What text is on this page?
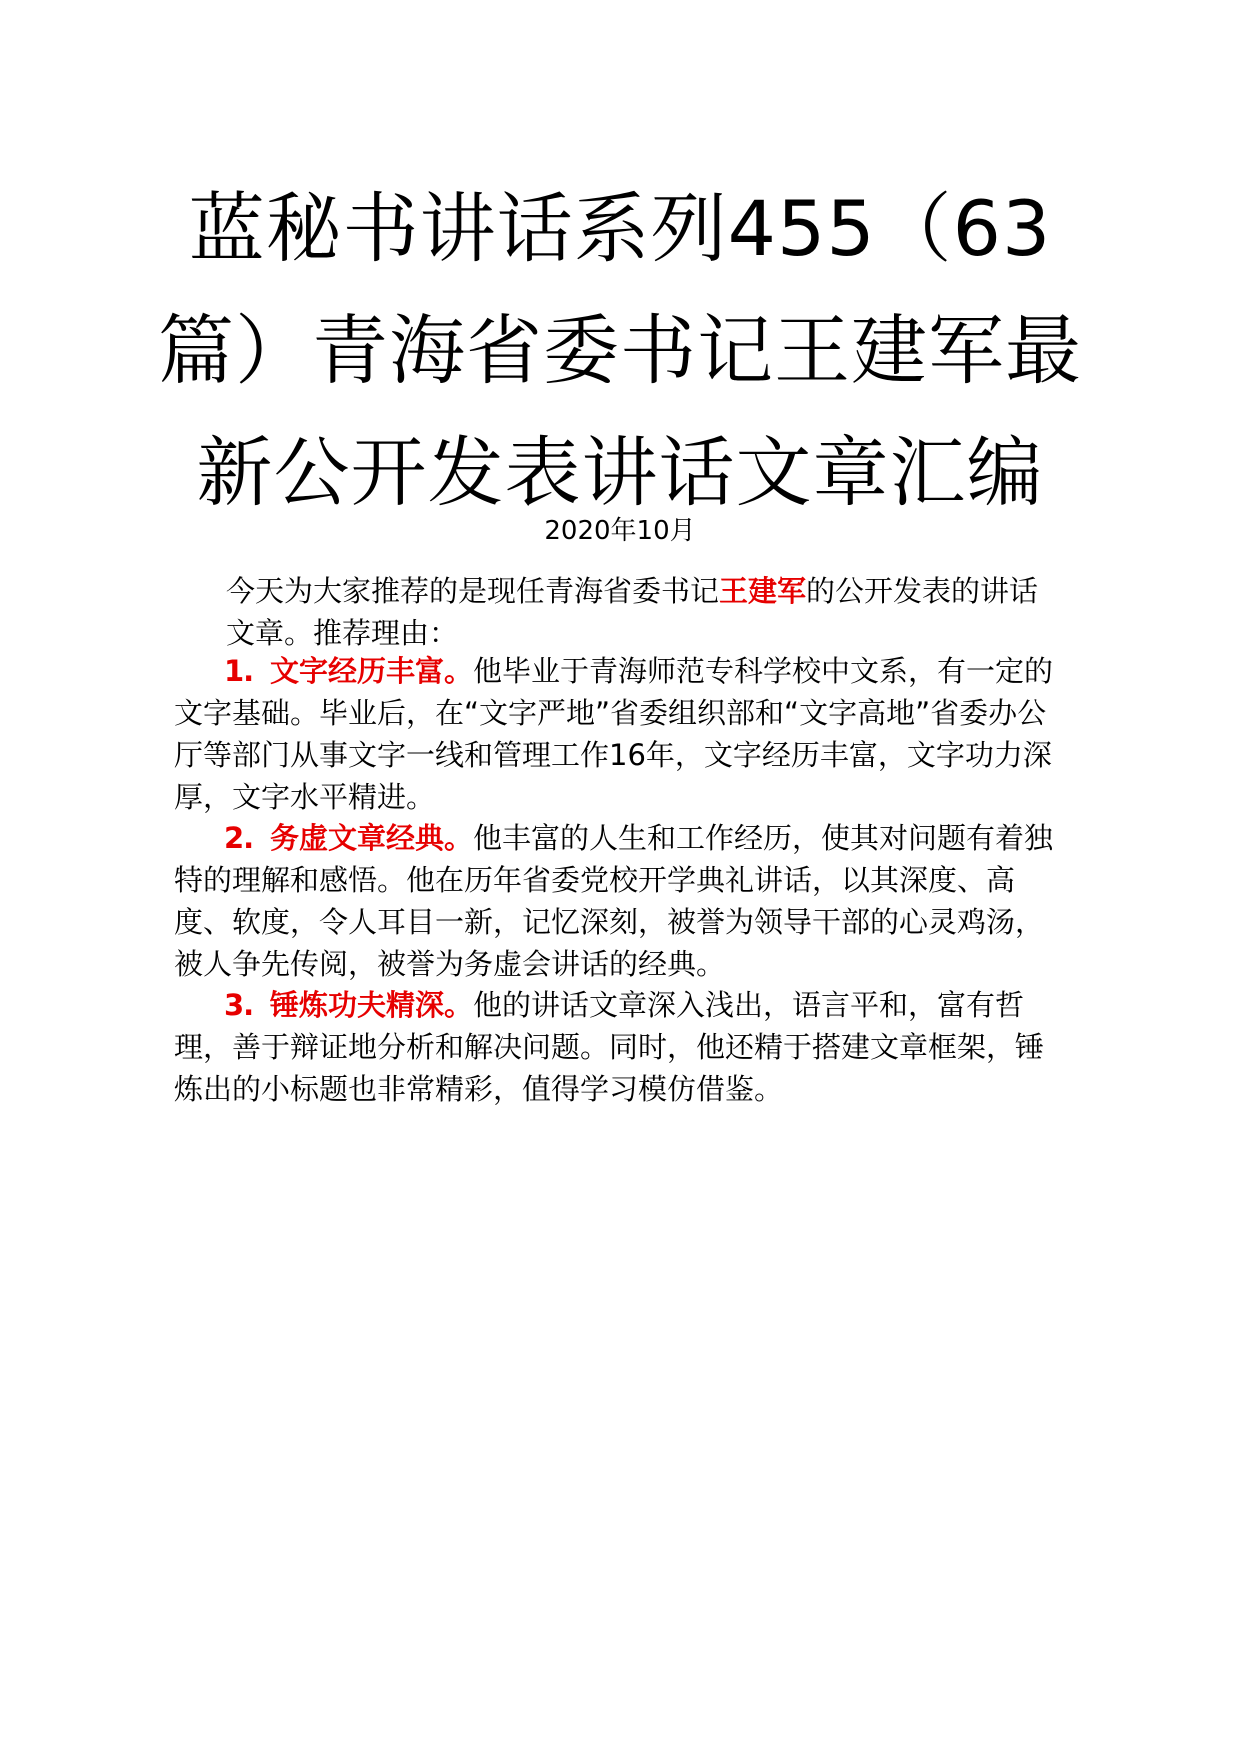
蓝秘书讲话系列455（63篇）青海省委书记王建军最新公开发表讲话文章汇编
2020年10月
今天为大家推荐的是现任青海省委书记王建军的公开发表的讲话文章。推荐理由：
1. 文字经历丰富。他毕业于青海师范专科学校中文系，有一定的文字基础。毕业后，在“文字严地”省委组织部和“文字高地”省委办公厅等部门从事文字一线和管理工作16年，文字经历丰富，文字功力深厚，文字水平精进。
2. 务虚文章经典。他丰富的人生和工作经历，使其对问题有着独特的理解和感悟。他在历年省委党校开学典礼讲话，以其深度、高度、软度，令人耳目一新，记忆深刻，被誉为领导干部的心灵鸡汤，被人争先传阅，被誉为务虚会讲话的经典。
3. 锤炼功夫精深。他的讲话文章深入浅出，语言平和，富有哲理，善于辩证地分析和解决问题。同时，他还精于搭建文章框架，锤炼出的小标题也非常精彩，值得学习模仿借鉴。
